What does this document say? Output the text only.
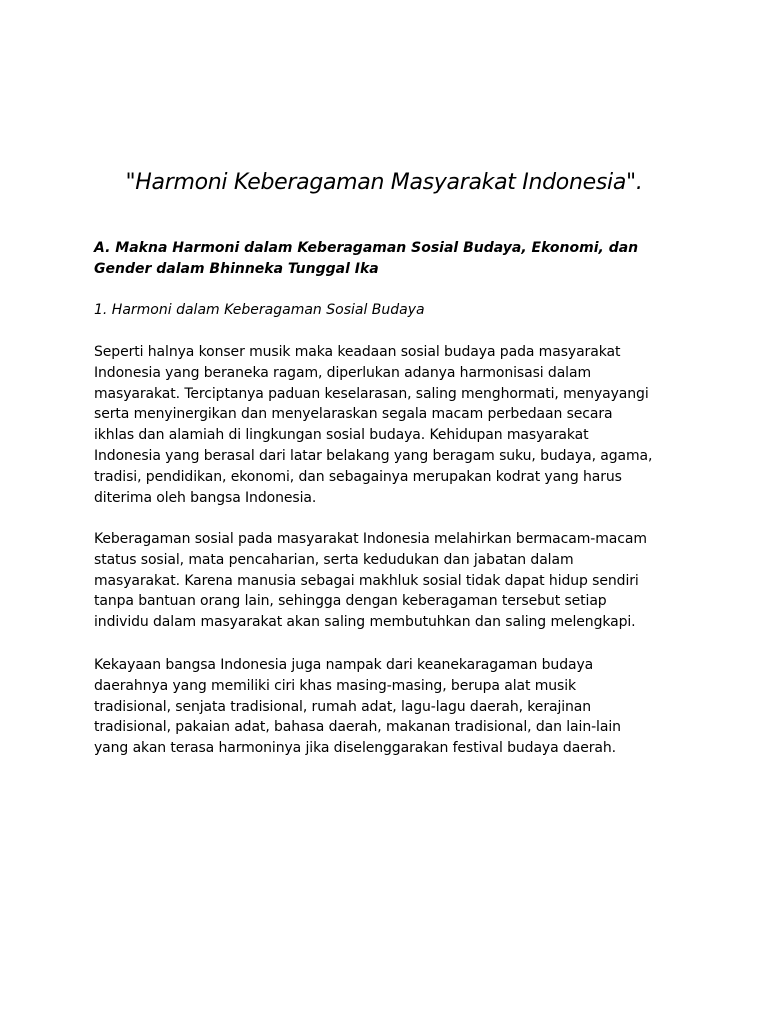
"Harmoni Keberagaman Masyarakat Indonesia".
A. Makna Harmoni dalam Keberagaman Sosial Budaya, Ekonomi, dan
Gender dalam Bhinneka Tunggal Ika
1. Harmoni dalam Keberagaman Sosial Budaya
Seperti halnya konser musik maka keadaan sosial budaya pada masyarakat
Indonesia yang beraneka ragam, diperlukan adanya harmonisasi dalam
masyarakat. Terciptanya paduan keselarasan, saling menghormati, menyayangi
serta menyinergikan dan menyelaraskan segala macam perbedaan secara
ikhlas dan alamiah di lingkungan sosial budaya. Kehidupan masyarakat
Indonesia yang berasal dari latar belakang yang beragam suku, budaya, agama,
tradisi, pendidikan, ekonomi, dan sebagainya merupakan kodrat yang harus
diterima oleh bangsa Indonesia.
Keberagaman sosial pada masyarakat Indonesia melahirkan bermacam-macam
status sosial, mata pencaharian, serta kedudukan dan jabatan dalam
masyarakat. Karena manusia sebagai makhluk sosial tidak dapat hidup sendiri
tanpa bantuan orang lain, sehingga dengan keberagaman tersebut setiap
individu dalam masyarakat akan saling membutuhkan dan saling melengkapi.
Kekayaan bangsa Indonesia juga nampak dari keanekaragaman budaya
daerahnya yang memiliki ciri khas masing-masing, berupa alat musik
tradisional, senjata tradisional, rumah adat, lagu-lagu daerah, kerajinan
tradisional, pakaian adat, bahasa daerah, makanan tradisional, dan lain-lain
yang akan terasa harmoninya jika diselenggarakan festival budaya daerah.
